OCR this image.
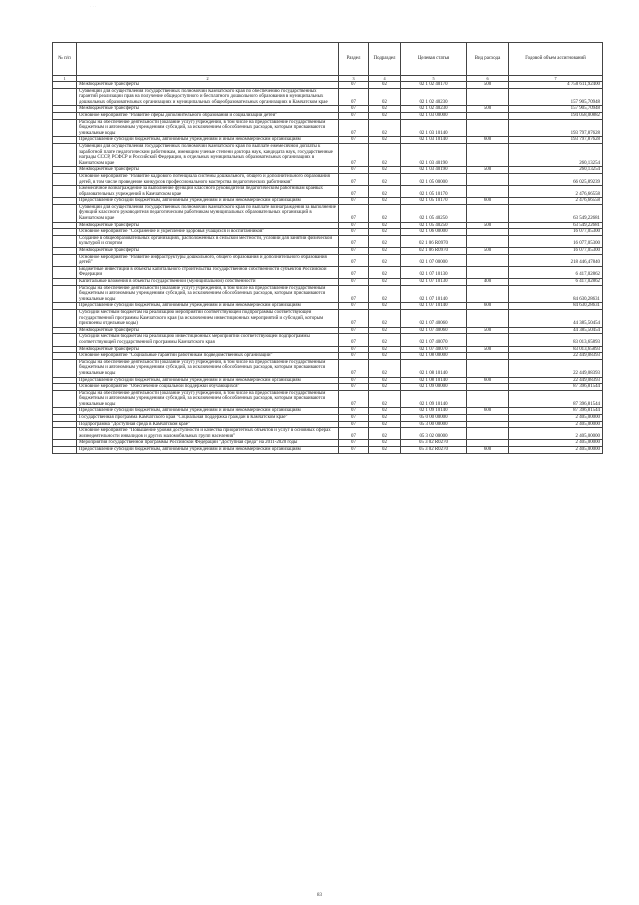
· · ·
№ п/п		Раздел	Подраздел	Целевая статья	Вид расхода	Годовой объем ассигнований
1	2	3	4	5	6	7
	Межбюджетные трансферты	07	02	02 1 02 40170	500	4 750 611,92400
	Субвенции для осуществления государственных полномочий Камчатского края по обеспечению государственных гарантий реализации прав на получение общедоступного и бесплатного дошкольного образования в муниципальных дошкольных образовательных организациях и муниципальных общеобразовательных организациях в Камчатском крае	07	02	02 1 02 40230		157 905,70948
	Межбюджетные трансферты	07	02	02 1 02 40230	500	157 905,70948
	Основное мероприятие "Развитие сферы дополнительного образования и социализации детей"	07	02	02 1 03 00000		194 058,00882
	Расходы на обеспечение деятельности (оказание услуг) учреждений, в том числе на предоставление государственным бюджетным и автономным учреждениям субсидий, за исключением обособленных расходов, которым присваиваются уникальные коды	07	02	02 1 03 10140		193 797,87628
	Предоставление субсидий бюджетным, автономным учреждениям и иным некоммерческим организациям	07	02	02 1 03 10140	600	193 797,87628
	Субвенции для осуществления государственных полномочий Камчатского края по выплате ежемесячной доплаты к заработной плате педагогическим работникам, имеющим ученые степени доктора наук, кандидата наук, государственные награды СССР, РСФСР и Российской Федерации, в отдельных муниципальных образовательных организациях в Камчатском крае	07	02	02 1 03 40190		260,13254
	Межбюджетные трансферты	07	02	02 1 03 40190	500	260,13254
	Основное мероприятие "Развитие кадрового потенциала системы дошкольного, общего и дополнительного образования детей, в том числе проведение конкурсов профессионального мастерства педагогических работников"	07	02	02 1 05 00000		66 025,89239
	Ежемесячное вознаграждение за выполнение функций классного руководителя педагогическим работникам краевых образовательных учреждений в Камчатском крае	07	02	02 1 05 10170		2 476,66558
	Предоставление субсидий бюджетным, автономным учреждениям и иным некоммерческим организациям	07	02	02 1 05 10170	600	2 476,66558
	Субвенции для осуществления государственных полномочий Камчатского края по выплате вознаграждения за выполнение функций классного руководителя педагогическим работникам муниципальных образовательных организаций в Камчатском крае	07	02	02 1 05 40250		63 549,22681
	Межбюджетные трансферты	07	02	02 1 05 40250	500	63 549,22681
	Основное мероприятие "Сохранение и укрепление здоровья учащихся и воспитанников"	07	02	02 1 06 00000		16 077,05300
	Создание в общеобразовательных организациях, расположенных в сельской местности, условий для занятий физической культурой и спортом	07	02	02 1 06 R0970		16 077,05300
	Межбюджетные трансферты	07	02	02 1 06 R0970	500	16 077,05300
	Основное мероприятие "Развитие инфраструктуры дошкольного, общего образования и дополнительного образования детей"	07	02	02 1 07 00000		218 446,47840
	Бюджетные инвестиции в объекты капитального строительства государственной собственности субъектов Российской Федерации	07	02	02 1 07 10130		6 417,02862
	Капитальные вложения в объекты государственной (муниципальной) собственности	07	02	02 1 07 10130	400	6 417,02862
	Расходы на обеспечение деятельности (оказание услуг) учреждений, в том числе на предоставление государственным бюджетным и автономным учреждениям субсидий, за исключением обособленных расходов, которым присваиваются уникальные коды	07	02	02 1 07 10140		84 630,28631
	Предоставление субсидий бюджетным, автономным учреждениям и иным некоммерческим организациям	07	02	02 1 07 10140	600	84 630,28631
	Субсидии местным бюджетам на реализацию мероприятий соответствующей подпрограммы соответствующей государственной программы Камчатского края (за исключением инвестиционных мероприятий и субсидий, которым присвоены отдельные коды)	07	02	02 1 07 40060		44 385,50454
	Межбюджетные трансферты	07	02	02 1 07 40060	500	44 385,50454
	Субсидии местным бюджетам на реализацию инвестиционных мероприятий соответствующей подпрограммы соответствующей государственной программы Камчатского края	07	02	02 1 07 40070		83 013,65893
	Межбюджетные трансферты	07	02	02 1 07 40070	500	83 013,65893
	Основное мероприятие "Социальные гарантии работникам подведомственных организаций"	07	02	02 1 08 00000		22 449,08393
	Расходы на обеспечение деятельности (оказание услуг) учреждений, в том числе на предоставление государственным бюджетным и автономным учреждениям субсидий, за исключением обособленных расходов, которым присваиваются уникальные коды	07	02	02 1 08 10140		22 449,08393
	Предоставление субсидий бюджетным, автономным учреждениям и иным некоммерческим организациям	07	02	02 1 08 10140	600	22 449,08393
	Основное мероприятие "Обеспечение социальной поддержки обучающихся"	07	02	02 1 09 00000		87 396,81544
	Расходы на обеспечение деятельности (оказание услуг) учреждений, в том числе на предоставление государственным бюджетным и автономным учреждениям субсидий, за исключением обособленных расходов, которым присваиваются уникальные коды	07	02	02 1 09 10140		87 396,81544
	Предоставление субсидий бюджетным, автономным учреждениям и иным некоммерческим организациям	07	02	02 1 09 10140	600	87 396,81544
	Государственная программа Камчатского края "Социальная поддержка граждан в Камчатском крае"	07	02	05 0 00 00000		2 405,00000
	Подпрограмма "Доступная среда в Камчатском крае"	07	02	05 3 00 00000		2 405,00000
	Основное мероприятие "Повышение уровня доступности и качества приоритетных объектов и услуг в основных сферах жизнедеятельности инвалидов и других маломобильных групп населения"	07	02	05 3 02 00000		2 405,00000
	Мероприятия государственной программы Российской Федерации "Доступная среда" на 2011-2020 годы	07	02	05 3 02 R0270		2 405,00000
	Предоставление субсидий бюджетным, автономным учреждениям и иным некоммерческим организациям	07	02	05 3 02 R0270	600	2 405,00000
83
